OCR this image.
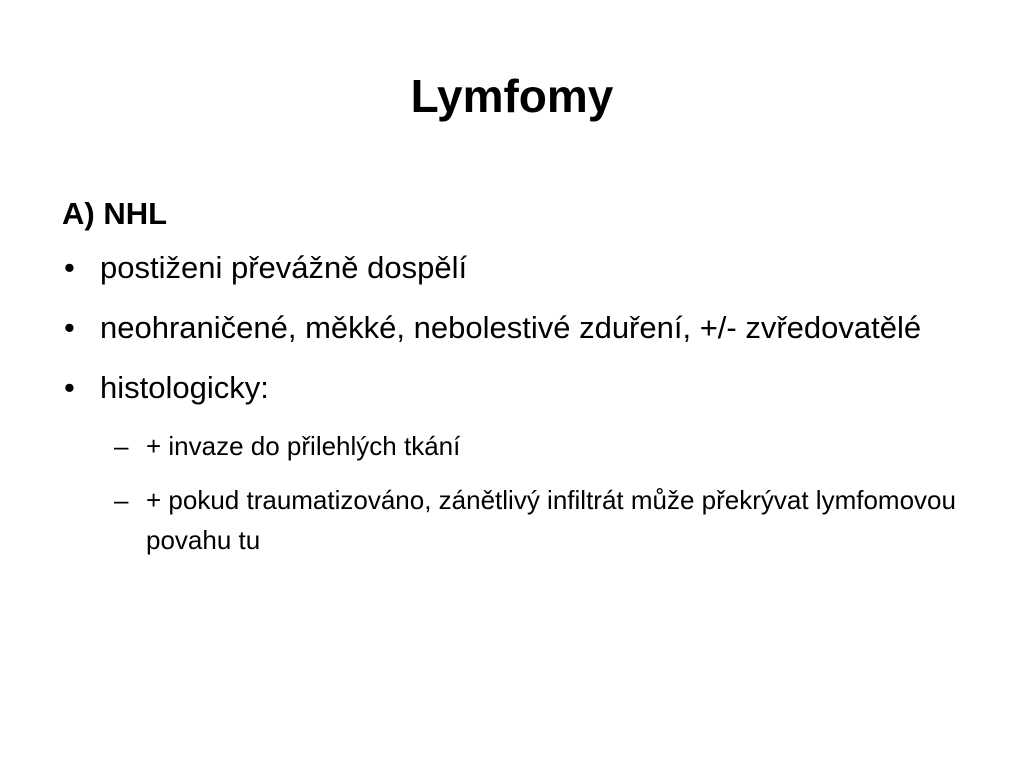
Lymfomy
A) NHL
• postiženi převážně dospělí
• neohraničené, měkké, nebolestivé zduření, +/- zvředovatělé
• histologicky:
– + invaze do přilehlých tkání
– + pokud traumatizováno, zánětlivý infiltrát může překrývat lymfomovou povahu tu
